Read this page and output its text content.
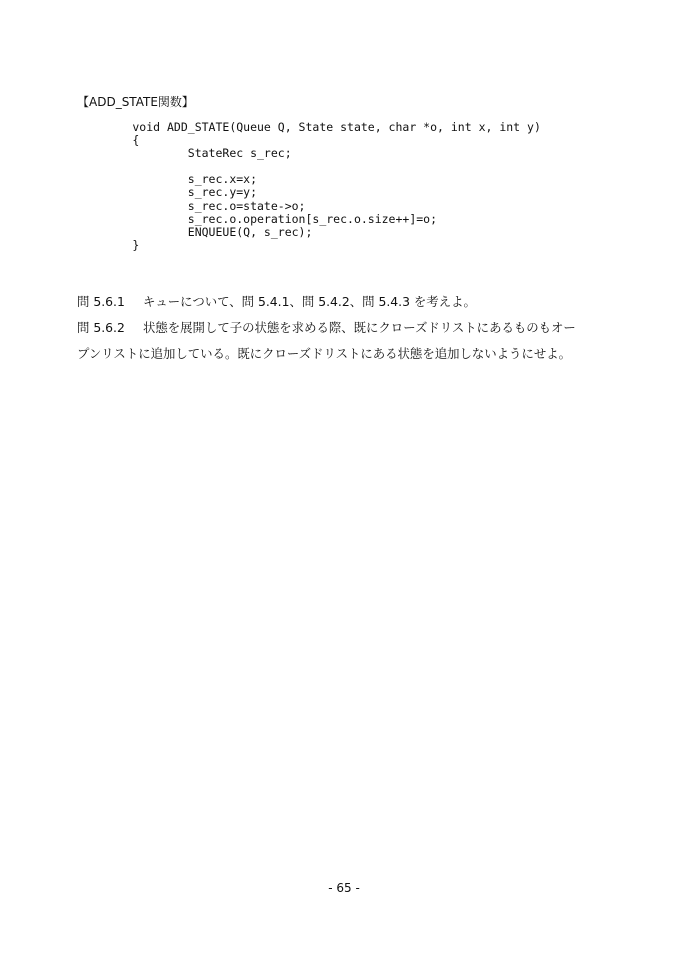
【ADD_STATE関数】
void ADD_STATE(Queue Q, State state, char *o, int x, int y)
{
StateRec s_rec;
s_rec.x=x;
s_rec.y=y;
s_rec.o=state->o;
s_rec.o.operation[s_rec.o.size++]=o;
ENQUEUE(Q, s_rec);
}
問 5.6.1 キューについて、問 5.4.1、問 5.4.2、問 5.4.3 を考えよ。
問 5.6.2 状態を展開して子の状態を求める際、既にクローズドリストにあるものもオー
プンリストに追加している。既にクローズドリストにある状態を追加しないようにせよ。
- 65 -
